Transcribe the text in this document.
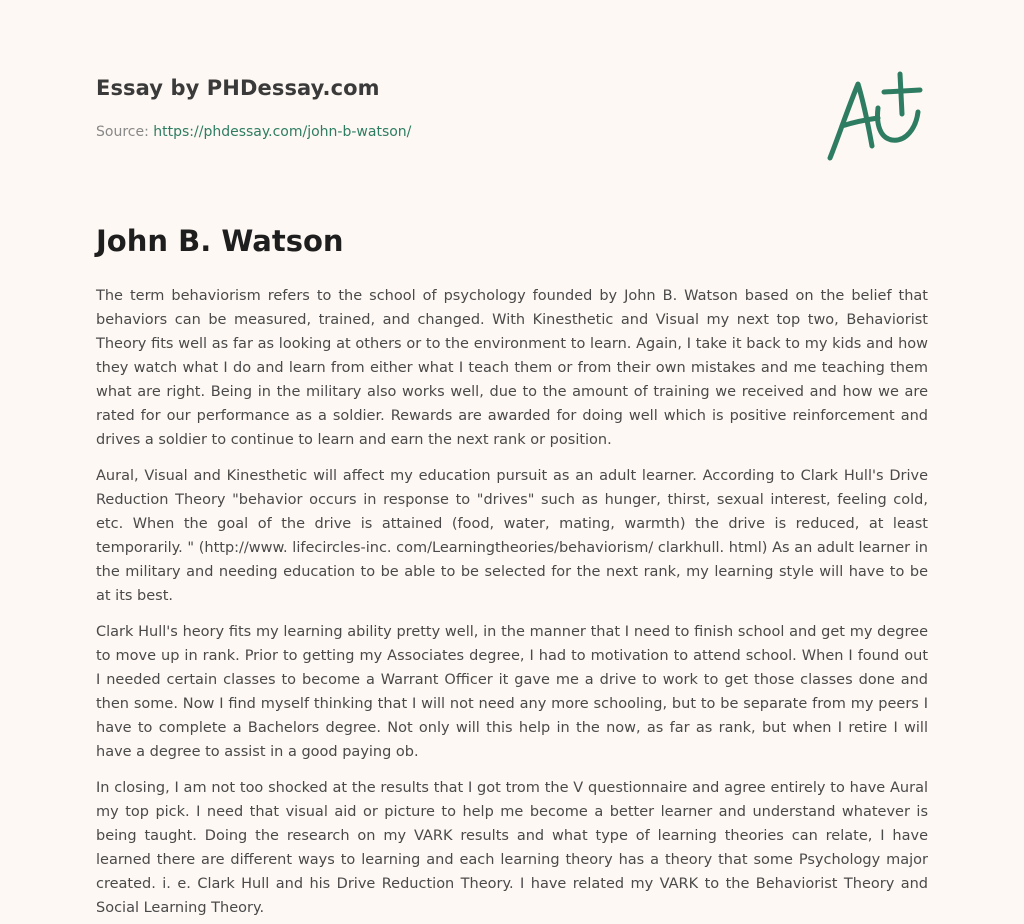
Essay by PHDessay.com
Source: https://phdessay.com/john-b-watson/
John B. Watson

The term behaviorism refers to the school of psychology founded by John B. Watson based on the belief that behaviors can be measured, trained, and changed. With Kinesthetic and Visual my next top two, Behaviorist Theory fits well as far as looking at others or to the environment to learn. Again, I take it back to my kids and how they watch what I do and learn from either what I teach them or from their own mistakes and me teaching them what are right. Being in the military also works well, due to the amount of training we received and how we are rated for our performance as a soldier. Rewards are awarded for doing well which is positive reinforcement and drives a soldier to continue to learn and earn the next rank or position.

Aural, Visual and Kinesthetic will affect my education pursuit as an adult learner. According to Clark Hull's Drive Reduction Theory "behavior occurs in response to "drives" such as hunger, thirst, sexual interest, feeling cold, etc. When the goal of the drive is attained (food, water, mating, warmth) the drive is reduced, at least temporarily. " (http://www. lifecircles-inc. com/Learningtheories/behaviorism/ clarkhull. html) As an adult learner in the military and needing education to be able to be selected for the next rank, my learning style will have to be at its best.

Clark Hull's heory fits my learning ability pretty well, in the manner that I need to finish school and get my degree to move up in rank. Prior to getting my Associates degree, I had to motivation to attend school. When I found out I needed certain classes to become a Warrant Officer it gave me a drive to work to get those classes done and then some. Now I find myself thinking that I will not need any more schooling, but to be separate from my peers I have to complete a Bachelors degree. Not only will this help in the now, as far as rank, but when I retire I will have a degree to assist in a good paying ob.

In closing, I am not too shocked at the results that I got trom the V questionnaire and agree entirely to have Aural my top pick. I need that visual aid or picture to help me become a better learner and understand whatever is being taught. Doing the research on my VARK results and what type of learning theories can relate, I have learned there are different ways to learning and each learning theory has a theory that some Psychology major created. i. e. Clark Hull and his Drive Reduction Theory. I have related my VARK to the Behaviorist Theory and Social Learning Theory.
